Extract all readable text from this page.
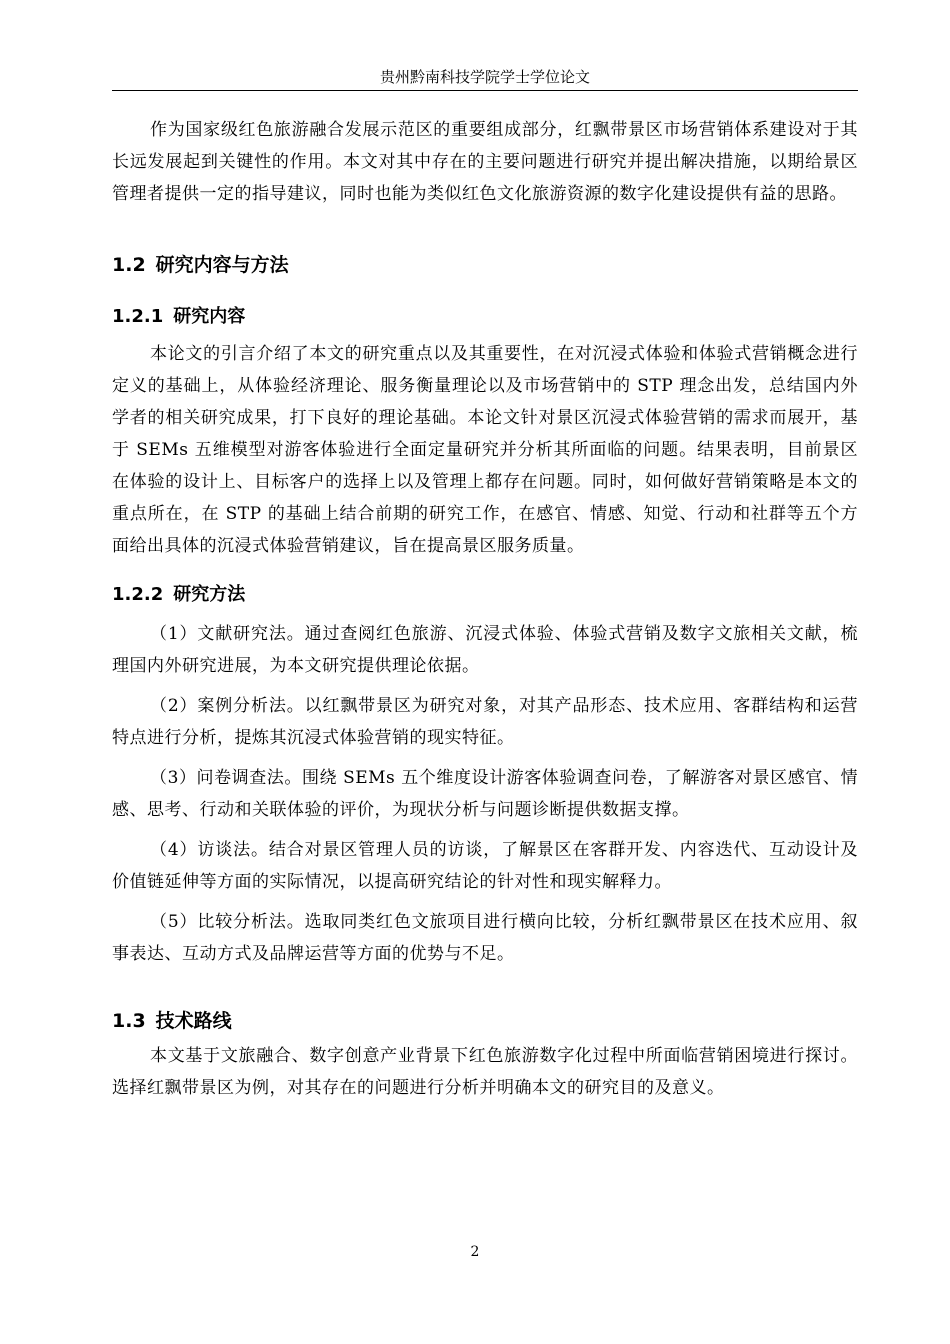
贵州黔南科技学院学士学位论文

作为国家级红色旅游融合发展示范区的重要组成部分，红飘带景区市场营销体系建设对于其长远发展起到关键性的作用。本文对其中存在的主要问题进行研究并提出解决措施，以期给景区管理者提供一定的指导建议，同时也能为类似红色文化旅游资源的数字化建设提供有益的思路。

1.2 研究内容与方法
1.2.1 研究内容

本论文的引言介绍了本文的研究重点以及其重要性，在对沉浸式体验和体验式营销概念进行定义的基础上，从体验经济理论、服务衡量理论以及市场营销中的 STP 理念出发，总结国内外学者的相关研究成果，打下良好的理论基础。本论文针对景区沉浸式体验营销的需求而展开，基于 SEMs 五维模型对游客体验进行全面定量研究并分析其所面临的问题。结果表明，目前景区在体验的设计上、目标客户的选择上以及管理上都存在问题。同时，如何做好营销策略是本文的重点所在，在 STP 的基础上结合前期的研究工作，在感官、情感、知觉、行动和社群等五个方面给出具体的沉浸式体验营销建议，旨在提高景区服务质量。

1.2.2 研究方法

（1）文献研究法。通过查阅红色旅游、沉浸式体验、体验式营销及数字文旅相关文献，梳理国内外研究进展，为本文研究提供理论依据。

（2）案例分析法。以红飘带景区为研究对象，对其产品形态、技术应用、客群结构和运营特点进行分析，提炼其沉浸式体验营销的现实特征。

（3）问卷调查法。围绕 SEMs 五个维度设计游客体验调查问卷，了解游客对景区感官、情感、思考、行动和关联体验的评价，为现状分析与问题诊断提供数据支撑。

（4）访谈法。结合对景区管理人员的访谈，了解景区在客群开发、内容迭代、互动设计及价值链延伸等方面的实际情况，以提高研究结论的针对性和现实解释力。

（5）比较分析法。选取同类红色文旅项目进行横向比较，分析红飘带景区在技术应用、叙事表达、互动方式及品牌运营等方面的优势与不足。

1.3 技术路线

本文基于文旅融合、数字创意产业背景下红色旅游数字化过程中所面临营销困境进行探讨。选择红飘带景区为例，对其存在的问题进行分析并明确本文的研究目的及意义。

2
